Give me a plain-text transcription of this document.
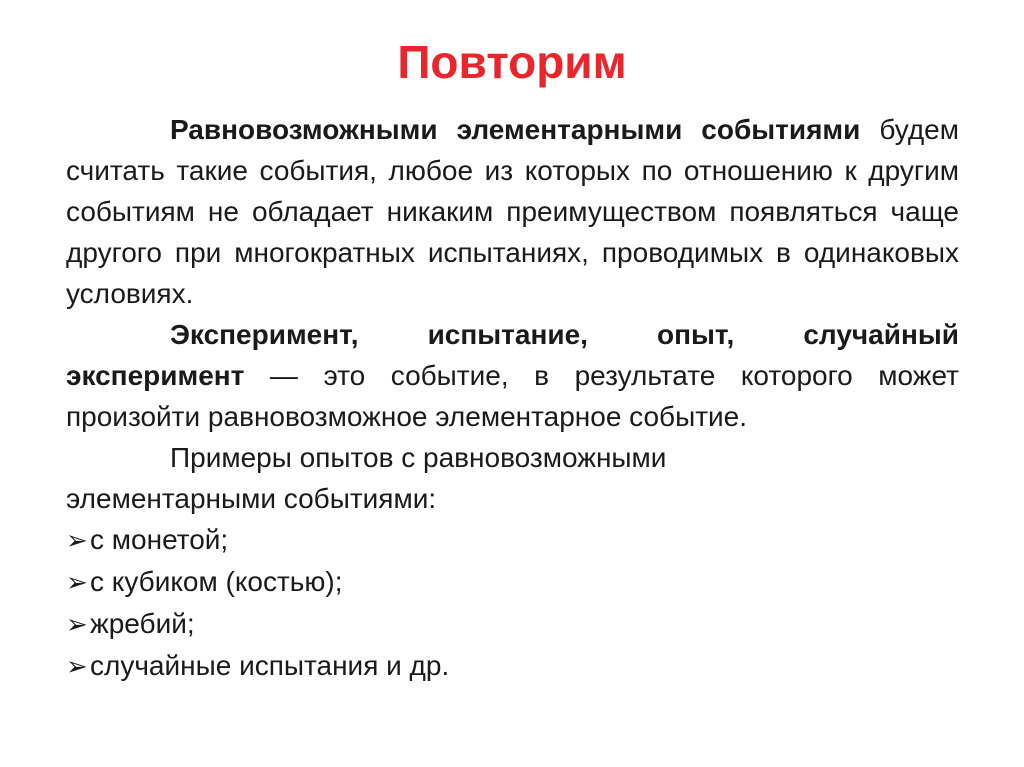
Повторим

Равновозможными элементарными событиями будем считать такие события, любое из которых по отношению к другим событиям не обладает никаким преимуществом появляться чаще другого при многократных испытаниях, проводимых в одинаковых условиях.

Эксперимент, испытание, опыт, случайный эксперимент — это событие, в результате которого может произойти равновозможное элементарное событие.

Примеры опытов с равновозможными

элементарными событиями:

➢ с монетой;
➢ с кубиком (костью);
➢ жребий;
➢ случайные испытания и др.
